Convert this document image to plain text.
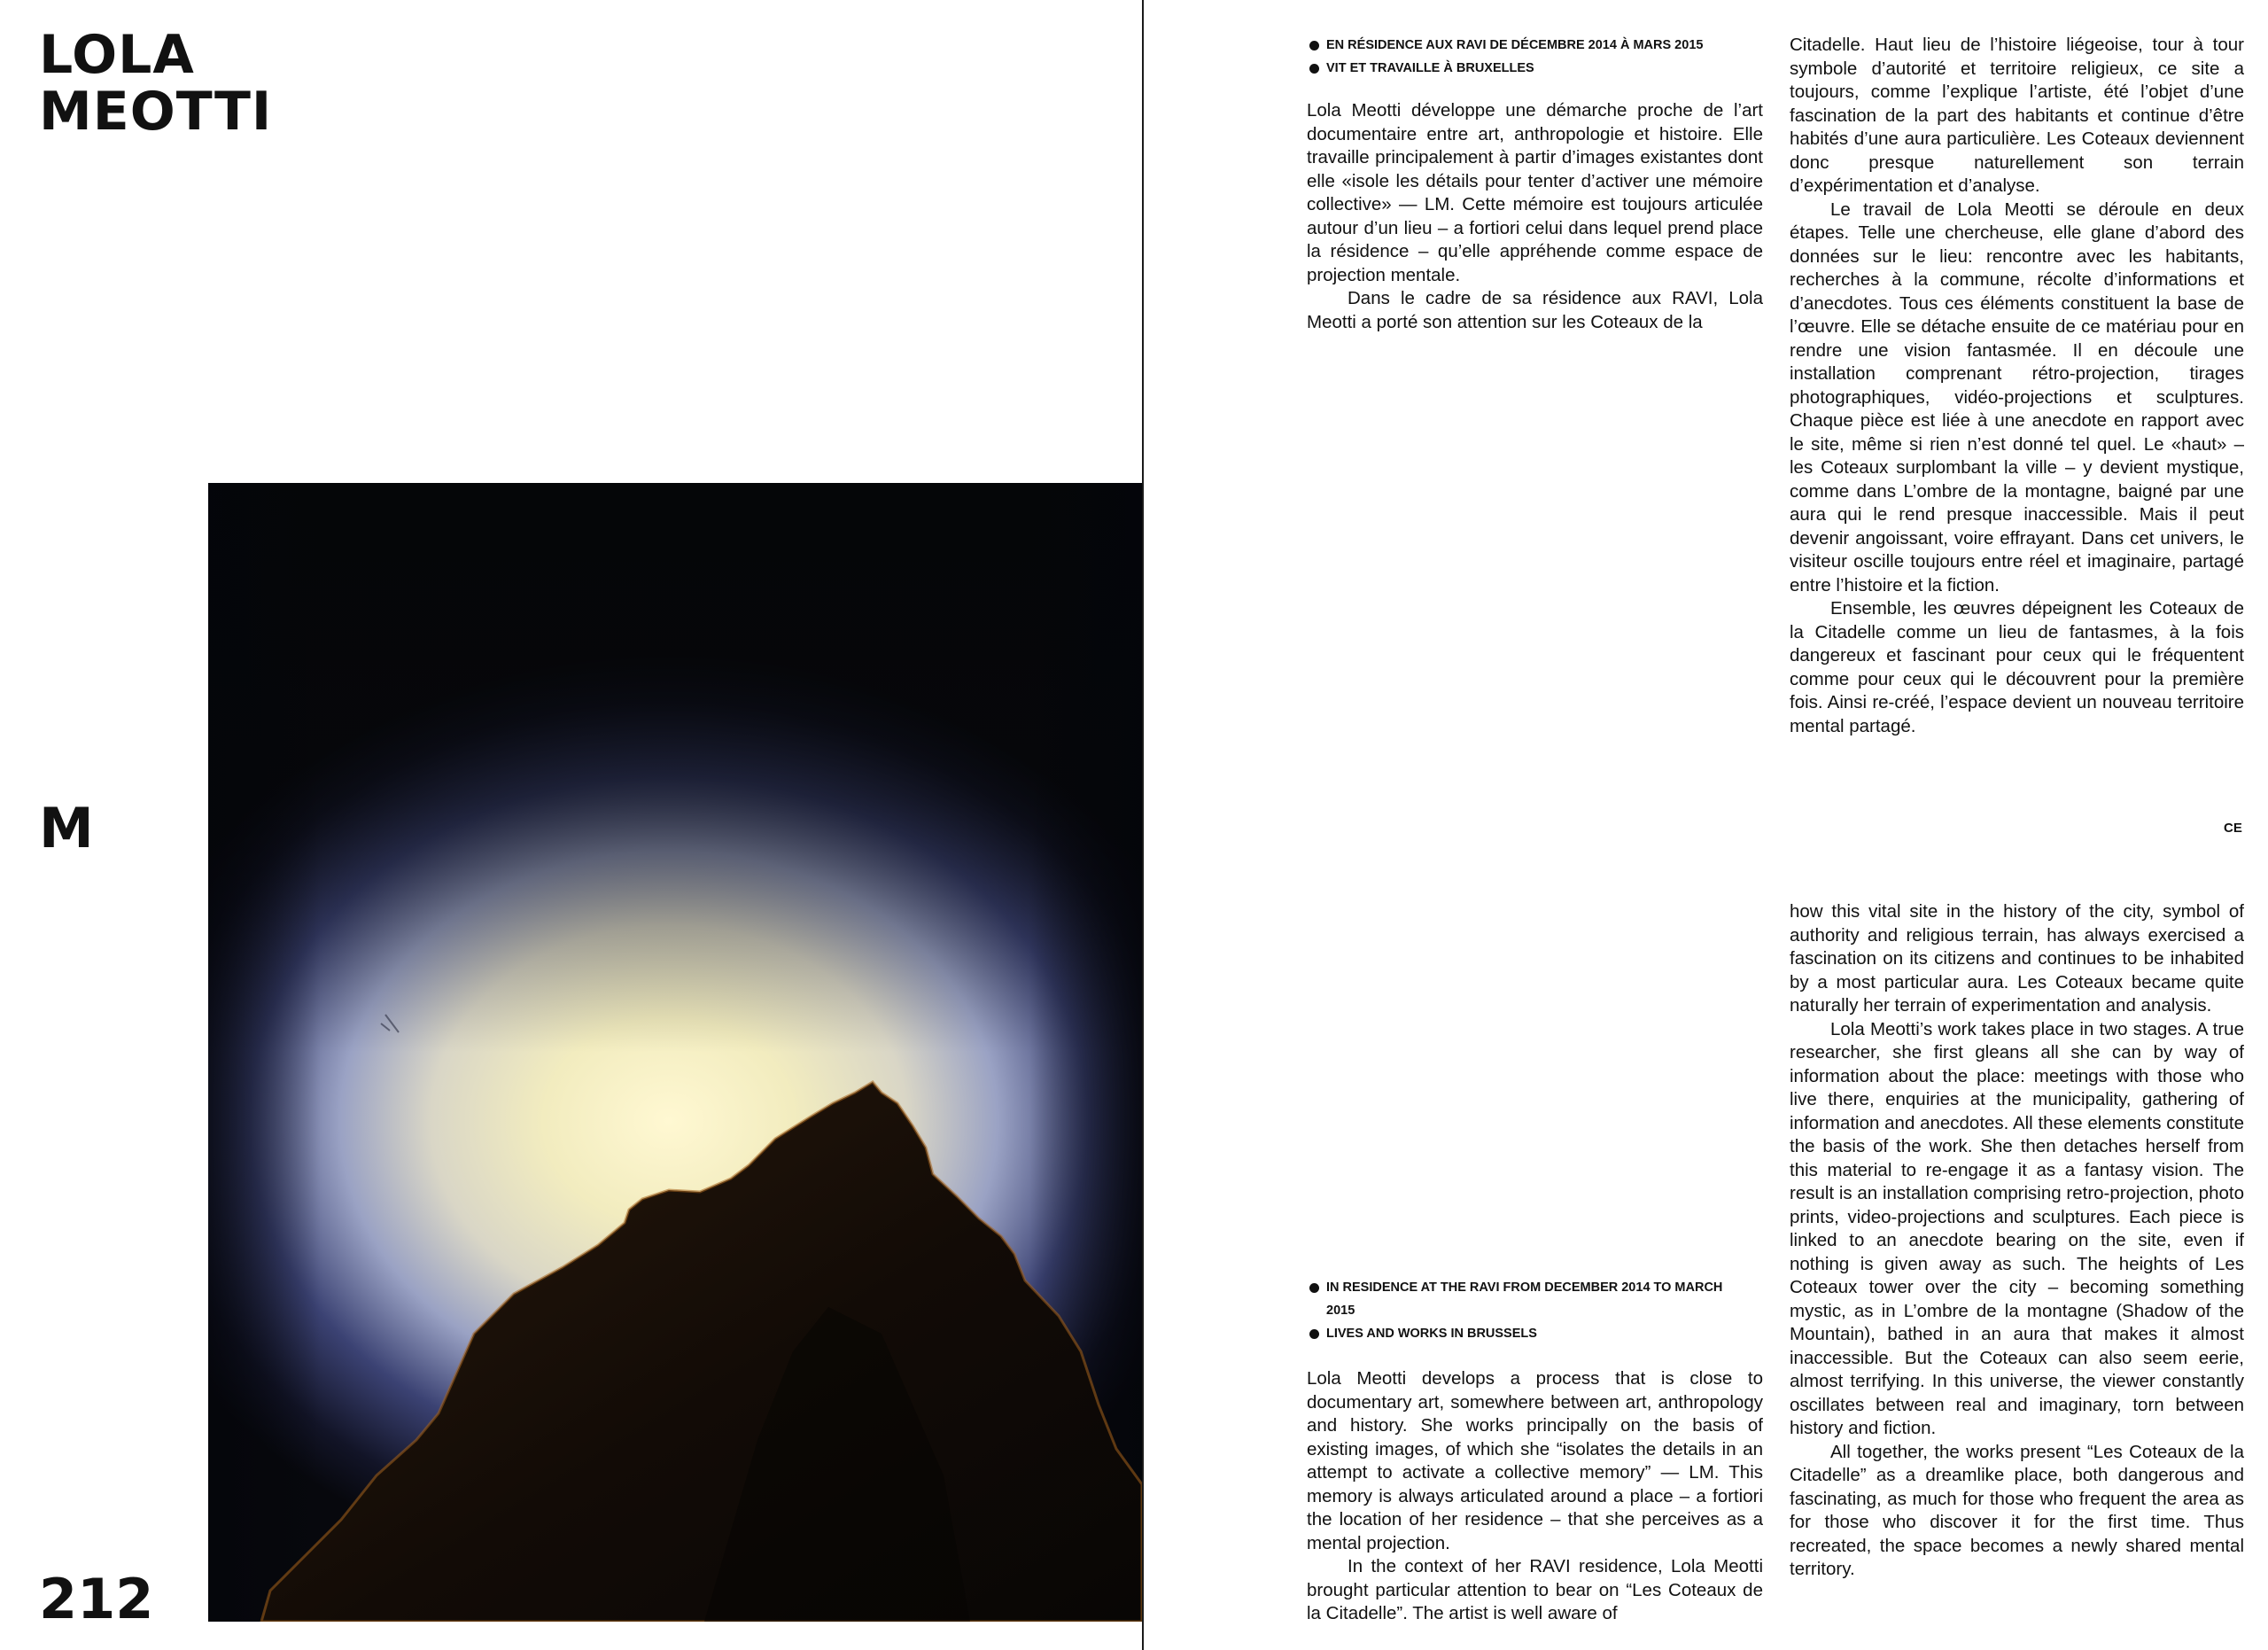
LOLA
MEOTTI
M
212
EN RÉSIDENCE AUX RAVI DE DÉCEMBRE 2014 À MARS 2015
VIT ET TRAVAILLE À BRUXELLES

Lola Meotti développe une démarche proche de l’art documentaire entre art, anthropologie et histoire. Elle travaille principalement à partir d’images existantes dont elle «isole les détails pour tenter d’activer une mémoire collective» — LM. Cette mémoire est toujours articulée autour d’un lieu – a fortiori celui dans lequel prend place la résidence – qu’elle appréhende comme espace de projection mentale.

Dans le cadre de sa résidence aux RAVI, Lola Meotti a porté son attention sur les Coteaux de la

Citadelle. Haut lieu de l’histoire liégeoise, tour à tour symbole d’autorité et territoire religieux, ce site a toujours, comme l’explique l’artiste, été l’objet d’une fascination de la part des habitants et continue d’être habités d’une aura particulière. Les Coteaux deviennent donc presque naturellement son terrain d’expérimentation et d’analyse.

Le travail de Lola Meotti se déroule en deux étapes. Telle une chercheuse, elle glane d’abord des données sur le lieu: rencontre avec les habitants, recherches à la commune, récolte d’informations et d’anecdotes. Tous ces éléments constituent la base de l’œuvre. Elle se détache ensuite de ce matériau pour en rendre une vision fantasmée. Il en découle une installation comprenant rétro-projection, tirages photographiques, vidéo-projections et sculptures. Chaque pièce est liée à une anecdote en rapport avec le site, même si rien n’est donné tel quel. Le «haut» – les Coteaux surplombant la ville – y devient mystique, comme dans L’ombre de la montagne, baigné par une aura qui le rend presque inaccessible. Mais il peut devenir angoissant, voire effrayant. Dans cet univers, le visiteur oscille toujours entre réel et imaginaire, partagé entre l’histoire et la fiction.

Ensemble, les œuvres dépeignent les Coteaux de la Citadelle comme un lieu de fantasmes, à la fois dangereux et fascinant pour ceux qui le fréquentent comme pour ceux qui le découvrent pour la première fois. Ainsi re-créé, l’espace devient un nouveau territoire mental partagé.

CE
IN RESIDENCE AT THE RAVI FROM DECEMBER 2014 TO MARCH 2015
LIVES AND WORKS IN BRUSSELS

Lola Meotti develops a process that is close to documentary art, somewhere between art, anthropology and history. She works principally on the basis of existing images, of which she “isolates the details in an attempt to activate a collective memory” — LM. This memory is always articulated around a place – a fortiori the location of her residence – that she perceives as a mental projection.

In the context of her RAVI residence, Lola Meotti brought particular attention to bear on “Les Coteaux de la Citadelle”. The artist is well aware of

how this vital site in the history of the city, symbol of authority and religious terrain, has always exercised a fascination on its citizens and continues to be inhabited by a most particular aura. Les Coteaux became quite naturally her terrain of experimentation and analysis.

Lola Meotti’s work takes place in two stages. A true researcher, she first gleans all she can by way of information about the place: meetings with those who live there, enquiries at the municipality, gathering of information and anecdotes. All these elements constitute the basis of the work. She then detaches herself from this material to re-engage it as a fantasy vision. The result is an installation comprising retro-projection, photo prints, video-projections and sculptures. Each piece is linked to an anecdote bearing on the site, even if nothing is given away as such. The heights of Les Coteaux tower over the city – becoming something mystic, as in L’ombre de la montagne (Shadow of the Mountain), bathed in an aura that makes it almost inaccessible. But the Coteaux can also seem eerie, almost terrifying. In this universe, the viewer constantly oscillates between real and imaginary, torn between history and fiction.

All together, the works present “Les Coteaux de la Citadelle” as a dreamlike place, both dangerous and fascinating, as much for those who frequent the area as for those who discover it for the first time. Thus recreated, the space becomes a newly shared mental territory.
